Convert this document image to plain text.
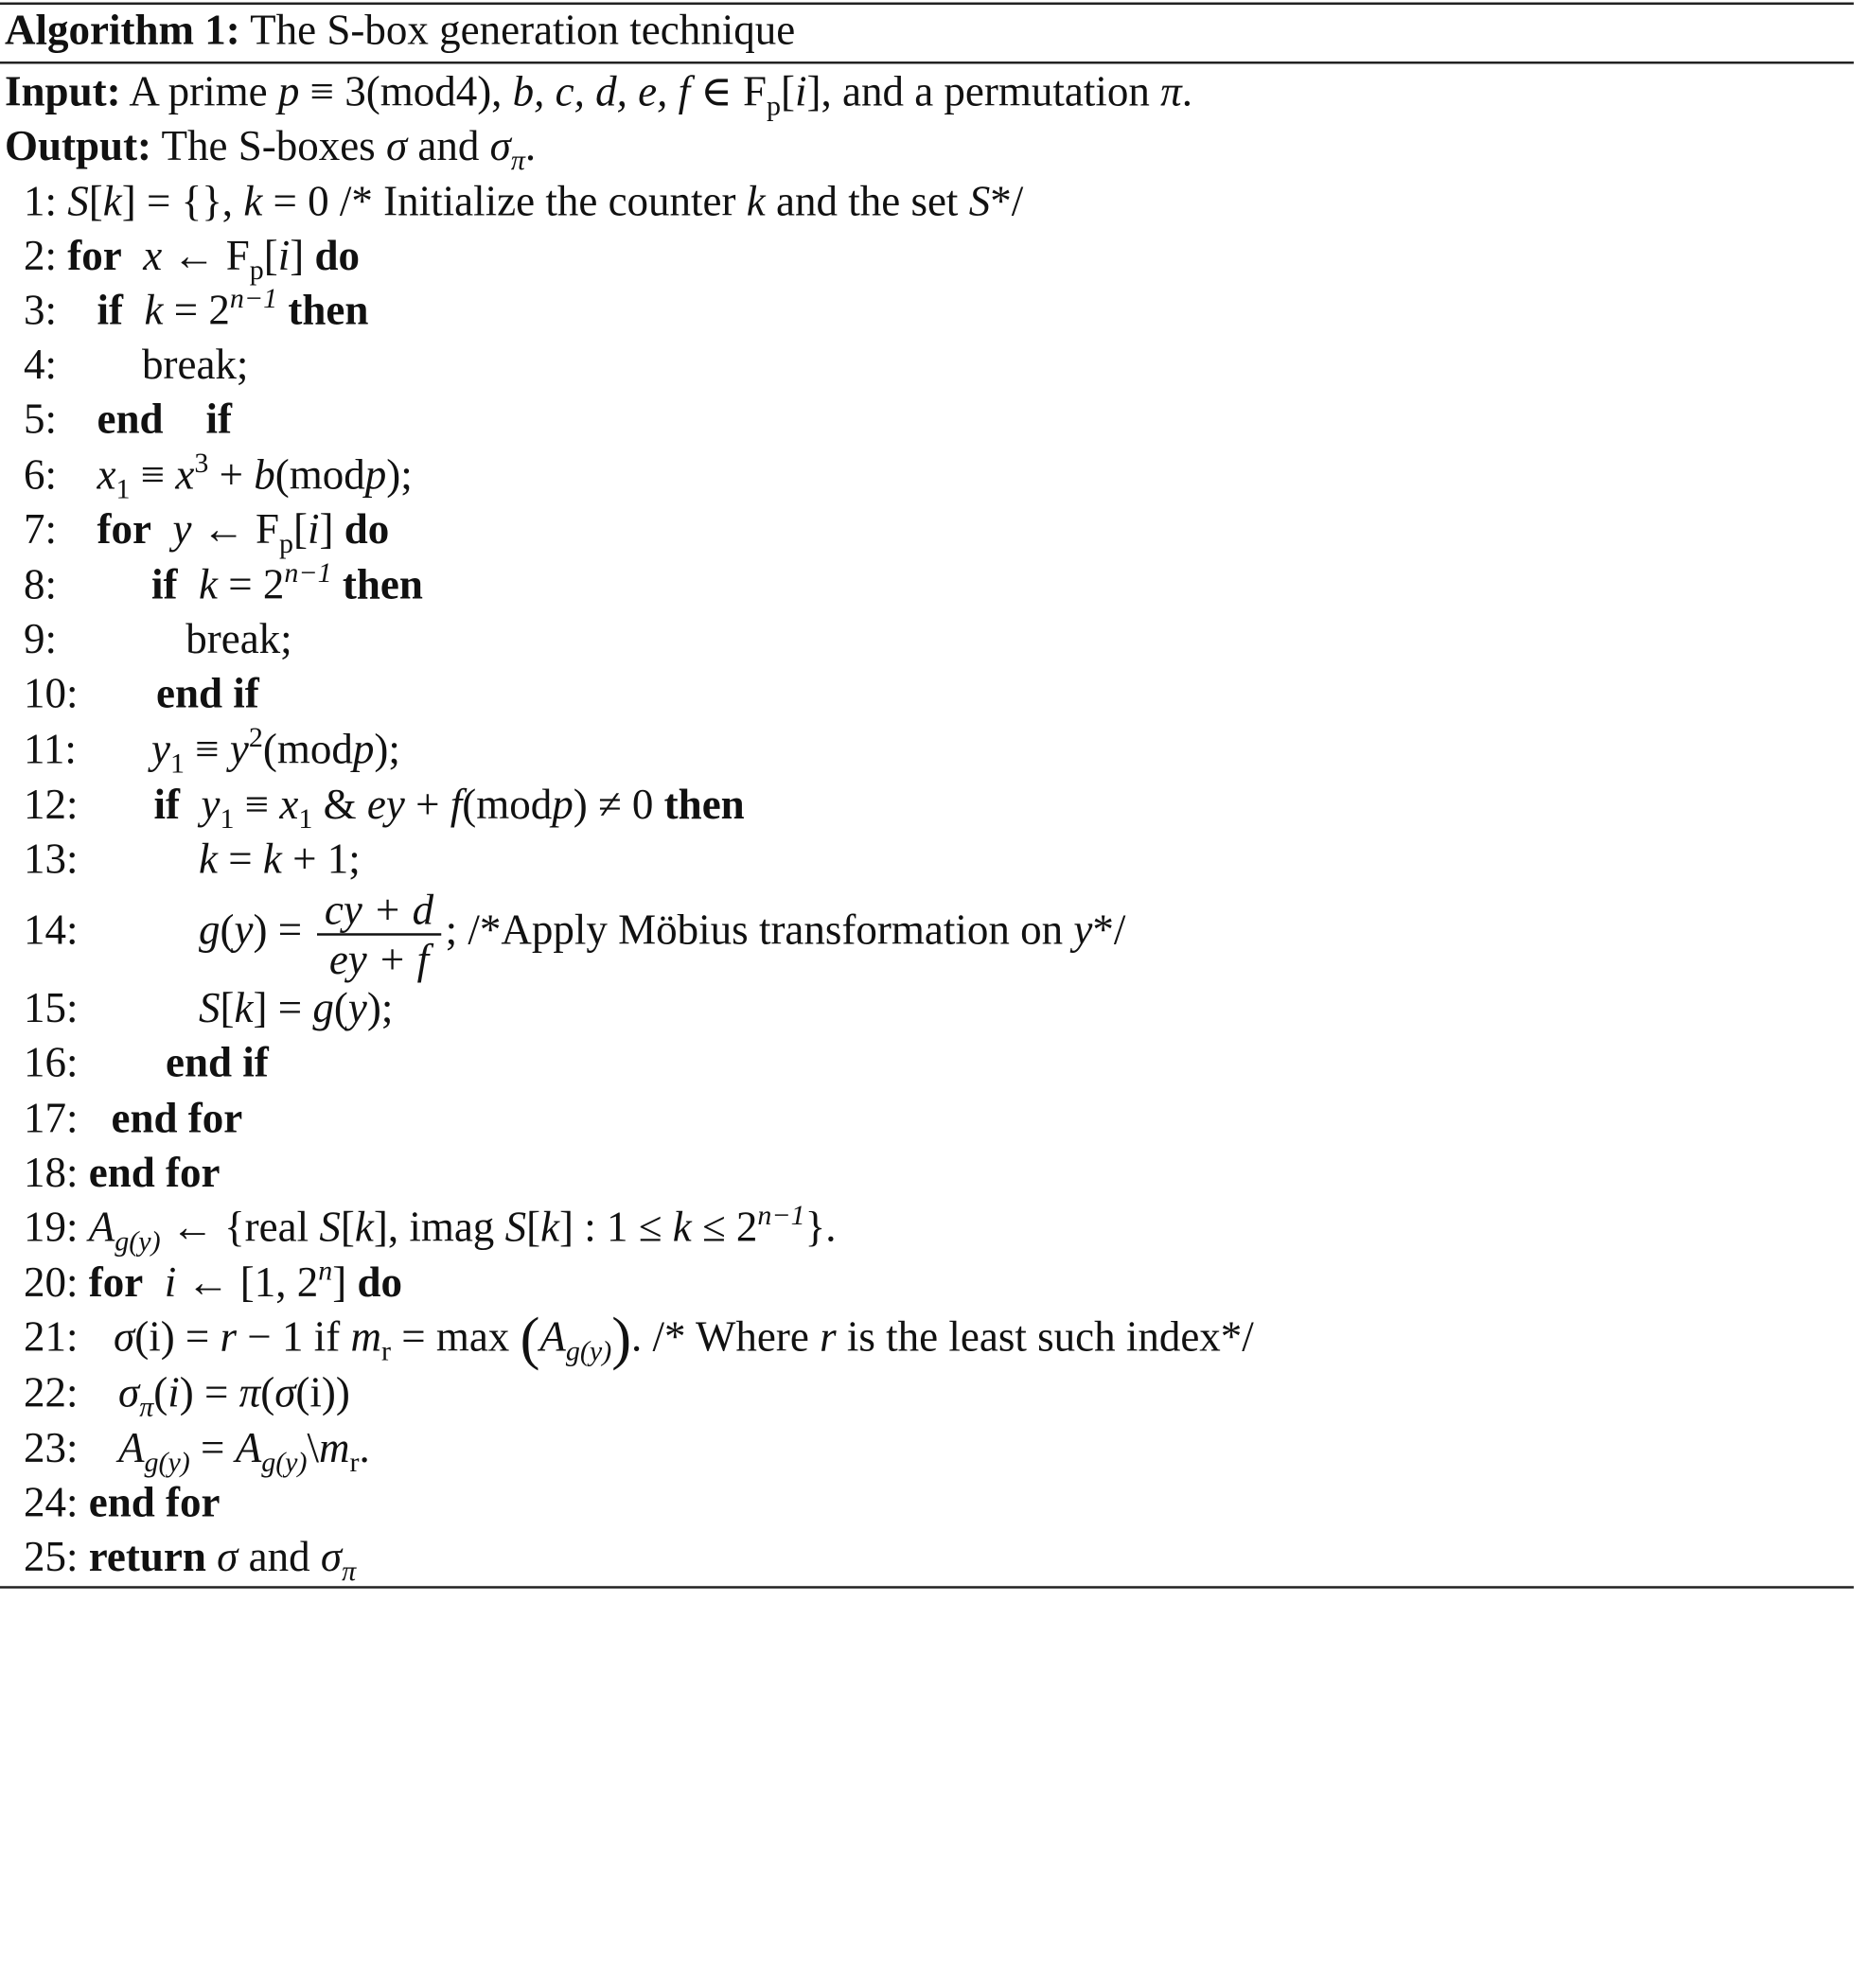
Algorithm 1: The S-box generation technique
Input: A prime p ≡ 3(mod4), b, c, d, e, f ∈ $F_p[i]$, and a permutation π.
Output: The S-boxes σ and $\sigma_\pi$.
1: S[k] = {}, k = 0 /* Initialize the counter k and the set S*/
2: for x ← $F_p[i]$ do
3: if $k = 2^{n-1}$ then
4: break;
5: end if
6: $x_1 \equiv x^3$ + b(modp);
7: for y ← $F_p[i]$ do
8:	if $k = 2^{n-1}$ then
9:	break;
10: end if
11: $y_1$ ≡ $y^2(modp)$;
12: if $y_1 \equiv x_1$ & ey + f(modp) ≠ 0 then
13:	k = k + 1;
14:	$g(y) = \frac{cy + d}{ey + f}$ ; /*Apply Möbius transformation on y*/
15:	S[k] = g(y);
16:	end if
17: end for
18: end for
19: $A_{g(y)}$ ← {real S[k], imag S[k] : $1 \le k \le 2^{n-1}$}.
20: for i ← [1, 2$^n$] do
21: σ(i) = r − 1 if $m_r = \max (A_{g(y)})$. /* Where r is the least such index*/
22: $\sigma_\pi(i) = \pi(\sigma(i))$
23: $A_{g(y)}$ = $A_{g(y)}\backslash m_r$.
24: end for
25: return σ and $\sigma_\pi$
